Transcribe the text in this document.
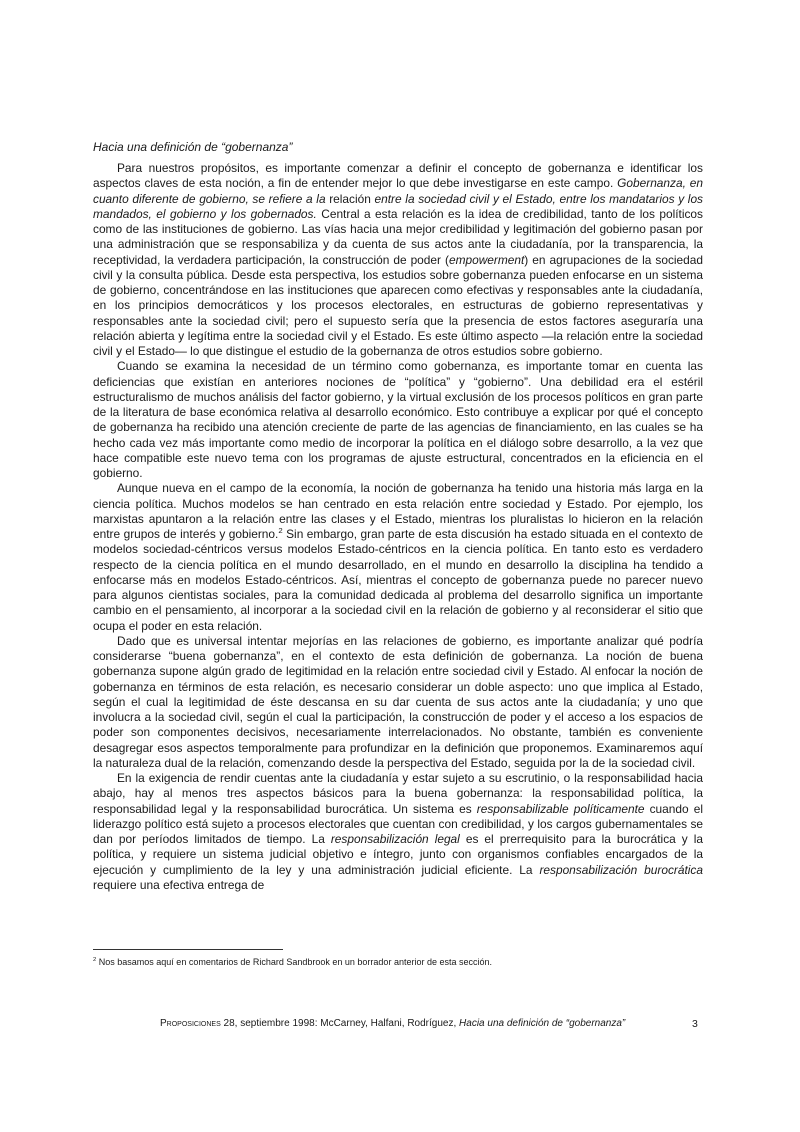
Hacia una definición de “gobernanza”

Para nuestros propósitos, es importante comenzar a definir el concepto de gobernanza e identificar los aspectos claves de esta noción, a fin de entender mejor lo que debe investigarse en este campo. Gobernanza, en cuanto diferente de gobierno, se refiere a la relación entre la sociedad civil y el Estado, entre los mandatarios y los mandados, el gobierno y los gobernados. Central a esta relación es la idea de credibilidad, tanto de los políticos como de las instituciones de gobierno. Las vías hacia una mejor credibilidad y legitimación del gobierno pasan por una administración que se responsabiliza y da cuenta de sus actos ante la ciudadanía, por la transparencia, la receptividad, la verdadera participación, la construcción de poder (empowerment) en agrupaciones de la sociedad civil y la consulta pública. Desde esta perspectiva, los estudios sobre gobernanza pueden enfocarse en un sistema de gobierno, concentrándose en las instituciones que aparecen como efectivas y responsables ante la ciudadanía, en los principios democráticos y los procesos electorales, en estructuras de gobierno representativas y responsables ante la sociedad civil; pero el supuesto sería que la presencia de estos factores aseguraría una relación abierta y legítima entre la sociedad civil y el Estado. Es este último aspecto —la relación entre la sociedad civil y el Estado— lo que distingue el estudio de la gobernanza de otros estudios sobre gobierno.

Cuando se examina la necesidad de un término como gobernanza, es importante tomar en cuenta las deficiencias que existían en anteriores nociones de “política” y “gobierno”. Una debilidad era el estéril estructuralismo de muchos análisis del factor gobierno, y la virtual exclusión de los procesos políticos en gran parte de la literatura de base económica relativa al desarrollo económico. Esto contribuye a explicar por qué el concepto de gobernanza ha recibido una atención creciente de parte de las agencias de financiamiento, en las cuales se ha hecho cada vez más importante como medio de incorporar la política en el diálogo sobre desarrollo, a la vez que hace compatible este nuevo tema con los programas de ajuste estructural, concentrados en la eficiencia en el gobierno.

Aunque nueva en el campo de la economía, la noción de gobernanza ha tenido una historia más larga en la ciencia política. Muchos modelos se han centrado en esta relación entre sociedad y Estado. Por ejemplo, los marxistas apuntaron a la relación entre las clases y el Estado, mientras los pluralistas lo hicieron en la relación entre grupos de interés y gobierno.$^2$ Sin embargo, gran parte de esta discusión ha estado situada en el contexto de modelos sociedad-céntricos versus modelos Estado-céntricos en la ciencia política. En tanto esto es verdadero respecto de la ciencia política en el mundo desarrollado, en el mundo en desarrollo la disciplina ha tendido a enfocarse más en modelos Estado-céntricos. Así, mientras el concepto de gobernanza puede no parecer nuevo para algunos cientistas sociales, para la comunidad dedicada al problema del desarrollo significa un importante cambio en el pensamiento, al incorporar a la sociedad civil en la relación de gobierno y al reconsiderar el sitio que ocupa el poder en esta relación.

Dado que es universal intentar mejorías en las relaciones de gobierno, es importante analizar qué podría considerarse “buena gobernanza”, en el contexto de esta definición de gobernanza. La noción de buena gobernanza supone algún grado de legitimidad en la relación entre sociedad civil y Estado. Al enfocar la noción de gobernanza en términos de esta relación, es necesario considerar un doble aspecto: uno que implica al Estado, según el cual la legitimidad de éste descansa en su dar cuenta de sus actos ante la ciudadanía; y uno que involucra a la sociedad civil, según el cual la participación, la construcción de poder y el acceso a los espacios de poder son componentes decisivos, necesariamente interrelacionados. No obstante, también es conveniente desagregar esos aspectos temporalmente para profundizar en la definición que proponemos. Examinaremos aquí la naturaleza dual de la relación, comenzando desde la perspectiva del Estado, seguida por la de la sociedad civil.

En la exigencia de rendir cuentas ante la ciudadanía y estar sujeto a su escrutinio, o la responsabilidad hacia abajo, hay al menos tres aspectos básicos para la buena gobernanza: la responsabilidad política, la responsabilidad legal y la responsabilidad burocrática. Un sistema es responsabilizable políticamente cuando el liderazgo político está sujeto a procesos electorales que cuentan con credibilidad, y los cargos gubernamentales se dan por períodos limitados de tiempo. La responsabilización legal es el prerrequisito para la burocrática y la política, y requiere un sistema judicial objetivo e íntegro, junto con organismos confiables encargados de la ejecución y cumplimiento de la ley y una administración judicial eficiente. La responsabilización burocrática requiere una efectiva entrega de

$^2$ Nos basamos aquí en comentarios de Richard Sandbrook en un borrador anterior de esta sección.
Proposiciones 28, septiembre 1998: McCarney, Halfani, Rodríguez, Hacia una definición de “gobernanza”	3
